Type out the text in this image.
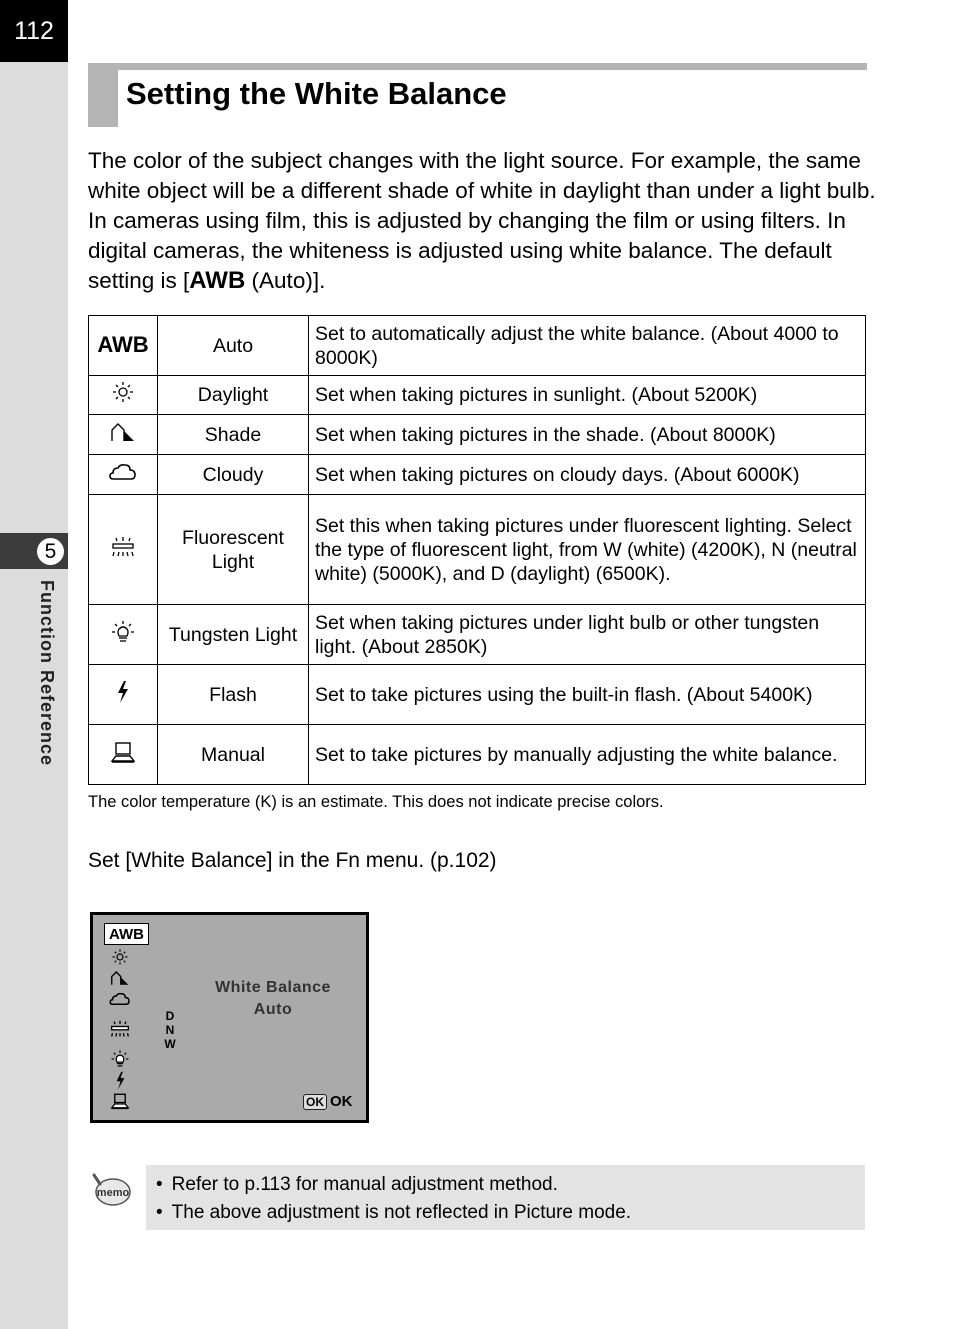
112
5
Function Reference
Setting the White Balance

The color of the subject changes with the light source. For example, the same white object will be a different shade of white in daylight than under a light bulb. In cameras using film, this is adjusted by changing the film or using filters. In digital cameras, the whiteness is adjusted using white balance. The default setting is [AWB (Auto)].

AWB	Auto	Set to automatically adjust the white balance. (About 4000 to 8000K)
	Daylight	Set when taking pictures in sunlight. (About 5200K)
	Shade	Set when taking pictures in the shade. (About 8000K)
	Cloudy	Set when taking pictures on cloudy days. (About 6000K)
	Fluorescent Light	Set this when taking pictures under fluorescent lighting. Select the type of fluorescent light, from W (white) (4200K), N (neutral white) (5000K), and D (daylight) (6500K).
	Tungsten Light	Set when taking pictures under light bulb or other tungsten light. (About 2850K)
	Flash	Set to take pictures using the built-in flash. (About 5400K)
	Manual	Set to take pictures by manually adjusting the white balance.

The color temperature (K) is an estimate. This does not indicate precise colors.

Set [White Balance] in the Fn menu. (p.102)

AWB
D
N
W
White Balance
Auto
OK OK
memo	• Refer to p.113 for manual adjustment method.
• The above adjustment is not reflected in Picture mode.
